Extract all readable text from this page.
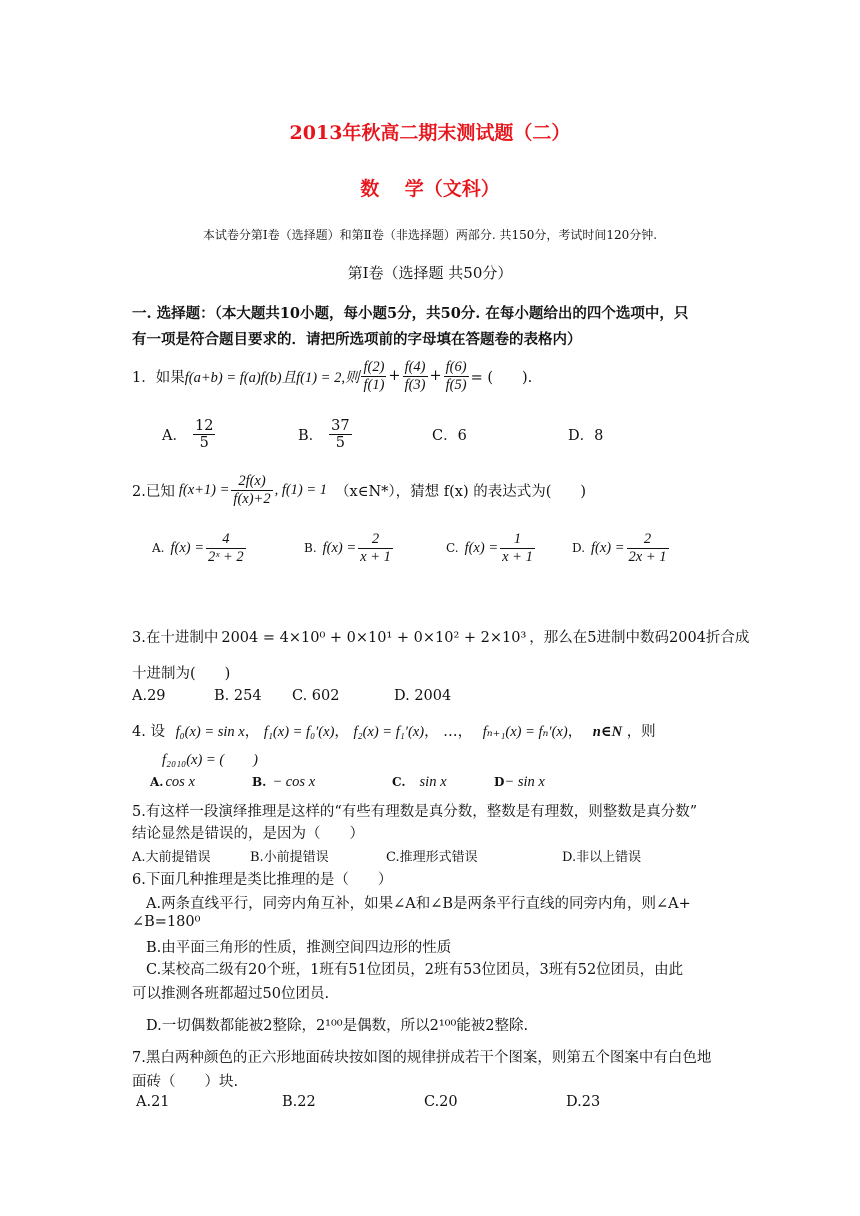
2013年秋高二期末测试题（二）
数　 学（文科）
本试卷分第Ⅰ卷（选择题）和第Ⅱ卷（非选择题）两部分. 共150分，考试时间120分钟.
第Ⅰ卷（选择题 共50分）
一. 选择题：（本大题共10小题，每小题5分，共50分. 在每小题给出的四个选项中，只
有一项是符合题目要求的．请把所选项前的字母填在答题卷的表格内）
1．如果 f(a+b) = f(a)f(b)且f(1) = 2,则 $\frac{f(2)}{f(1)} + \frac{f(4)}{f(3)} + \frac{f(6)}{f(5)}$ = (　　).
A． $\frac{12}{5}$	B． $\frac{37}{5}$	C．6	D．8
2.已知 $f(x+1) = \frac{2f(x)}{f(x)+2}$ , f(1) = 1 （x∈N*），猜想 f(x) 的表达式为(　　)
A. $f(x) = \frac{4}{\text{2ˣ + 2}}$	B. $f(x) = \frac{2}{x + 1}$	C. $f(x) = \frac{1}{x + 1}$	D. $f(x) = \frac{2}{2x + 1}$
3.在十进制中 2004 = 4×10⁰ + 0×10¹ + 0×10² + 2×10³ ，那么在5进制中数码2004折合成
十进制为(　　)
A.29	B. 254 C. 602	D. 2004
4. 设 f₀(x) = sin x， f₁(x) = f₀′(x)， f₂(x) = f₁′(x)， …， fₙ₊₁(x) = fₙ′(x)， n∈N ，则
f₂₀₁₀(x) = (　　)
A. cos x	B. − cos x	C. sin x	D− sin x
5.有这样一段演绎推理是这样的“有些有理数是真分数，整数是有理数，则整数是真分数”
结论显然是错误的，是因为（　　）
A.大前提错误	B.小前提错误	C.推理形式错误	D.非以上错误
6.下面几种推理是类比推理的是（　　）
A.两条直线平行，同旁内角互补，如果∠A和∠B是两条平行直线的同旁内角，则∠A+
∠B=180⁰
B.由平面三角形的性质，推测空间四边形的性质
C.某校高二级有20个班，1班有51位团员，2班有53位团员，3班有52位团员，由此
可以推测各班都超过50位团员.
D.一切偶数都能被2整除，2¹⁰⁰是偶数，所以2¹⁰⁰能被2整除.
7.黑白两种颜色的正六形地面砖块按如图的规律拼成若干个图案，则第五个图案中有白色地
面砖（　　）块.
A.21	B.22	C.20	D.23
